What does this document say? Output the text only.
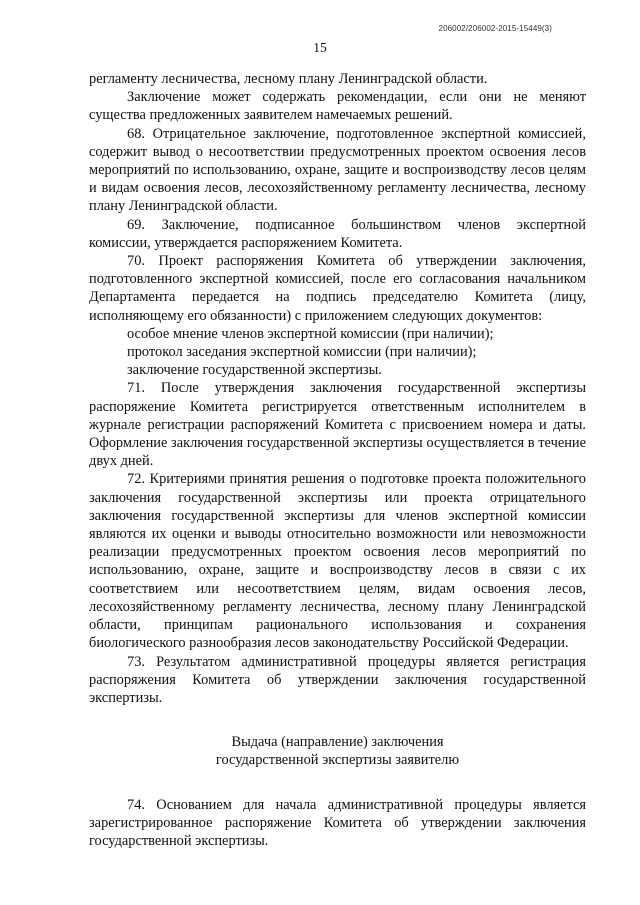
206002/206002-2015-15449(3)
15

регламенту лесничества, лесному плану Ленинградской области.

Заключение может содержать рекомендации, если они не меняют существа предложенных заявителем намечаемых решений.

68. Отрицательное заключение, подготовленное экспертной комиссией, содержит вывод о несоответствии предусмотренных проектом освоения лесов мероприятий по использованию, охране, защите и воспроизводству лесов целям и видам освоения лесов, лесохозяйственному регламенту лесничества, лесному плану Ленинградской области.

69. Заключение, подписанное большинством членов экспертной комиссии, утверждается распоряжением Комитета.

70. Проект распоряжения Комитета об утверждении заключения, подготовленного экспертной комиссией, после его согласования начальником Департамента передается на подпись председателю Комитета (лицу, исполняющему его обязанности) с приложением следующих документов:

особое мнение членов экспертной комиссии (при наличии);

протокол заседания экспертной комиссии (при наличии);

заключение государственной экспертизы.

71. После утверждения заключения государственной экспертизы распоряжение Комитета регистрируется ответственным исполнителем в журнале регистрации распоряжений Комитета с присвоением номера и даты. Оформление заключения государственной экспертизы осуществляется в течение двух дней.

72. Критериями принятия решения о подготовке проекта положительного заключения государственной экспертизы или проекта отрицательного заключения государственной экспертизы для членов экспертной комиссии являются их оценки и выводы относительно возможности или невозможности реализации предусмотренных проектом освоения лесов мероприятий по использованию, охране, защите и воспроизводству лесов в связи с их соответствием или несоответствием целям, видам освоения лесов, лесохозяйственному регламенту лесничества, лесному плану Ленинградской области, принципам рационального использования и сохранения биологического разнообразия лесов законодательству Российской Федерации.

73. Результатом административной процедуры является регистрация распоряжения Комитета об утверждении заключения государственной экспертизы.

Выдача (направление) заключения
государственной экспертизы заявителю

74. Основанием для начала административной процедуры является зарегистрированное распоряжение Комитета об утверждении заключения государственной экспертизы.
